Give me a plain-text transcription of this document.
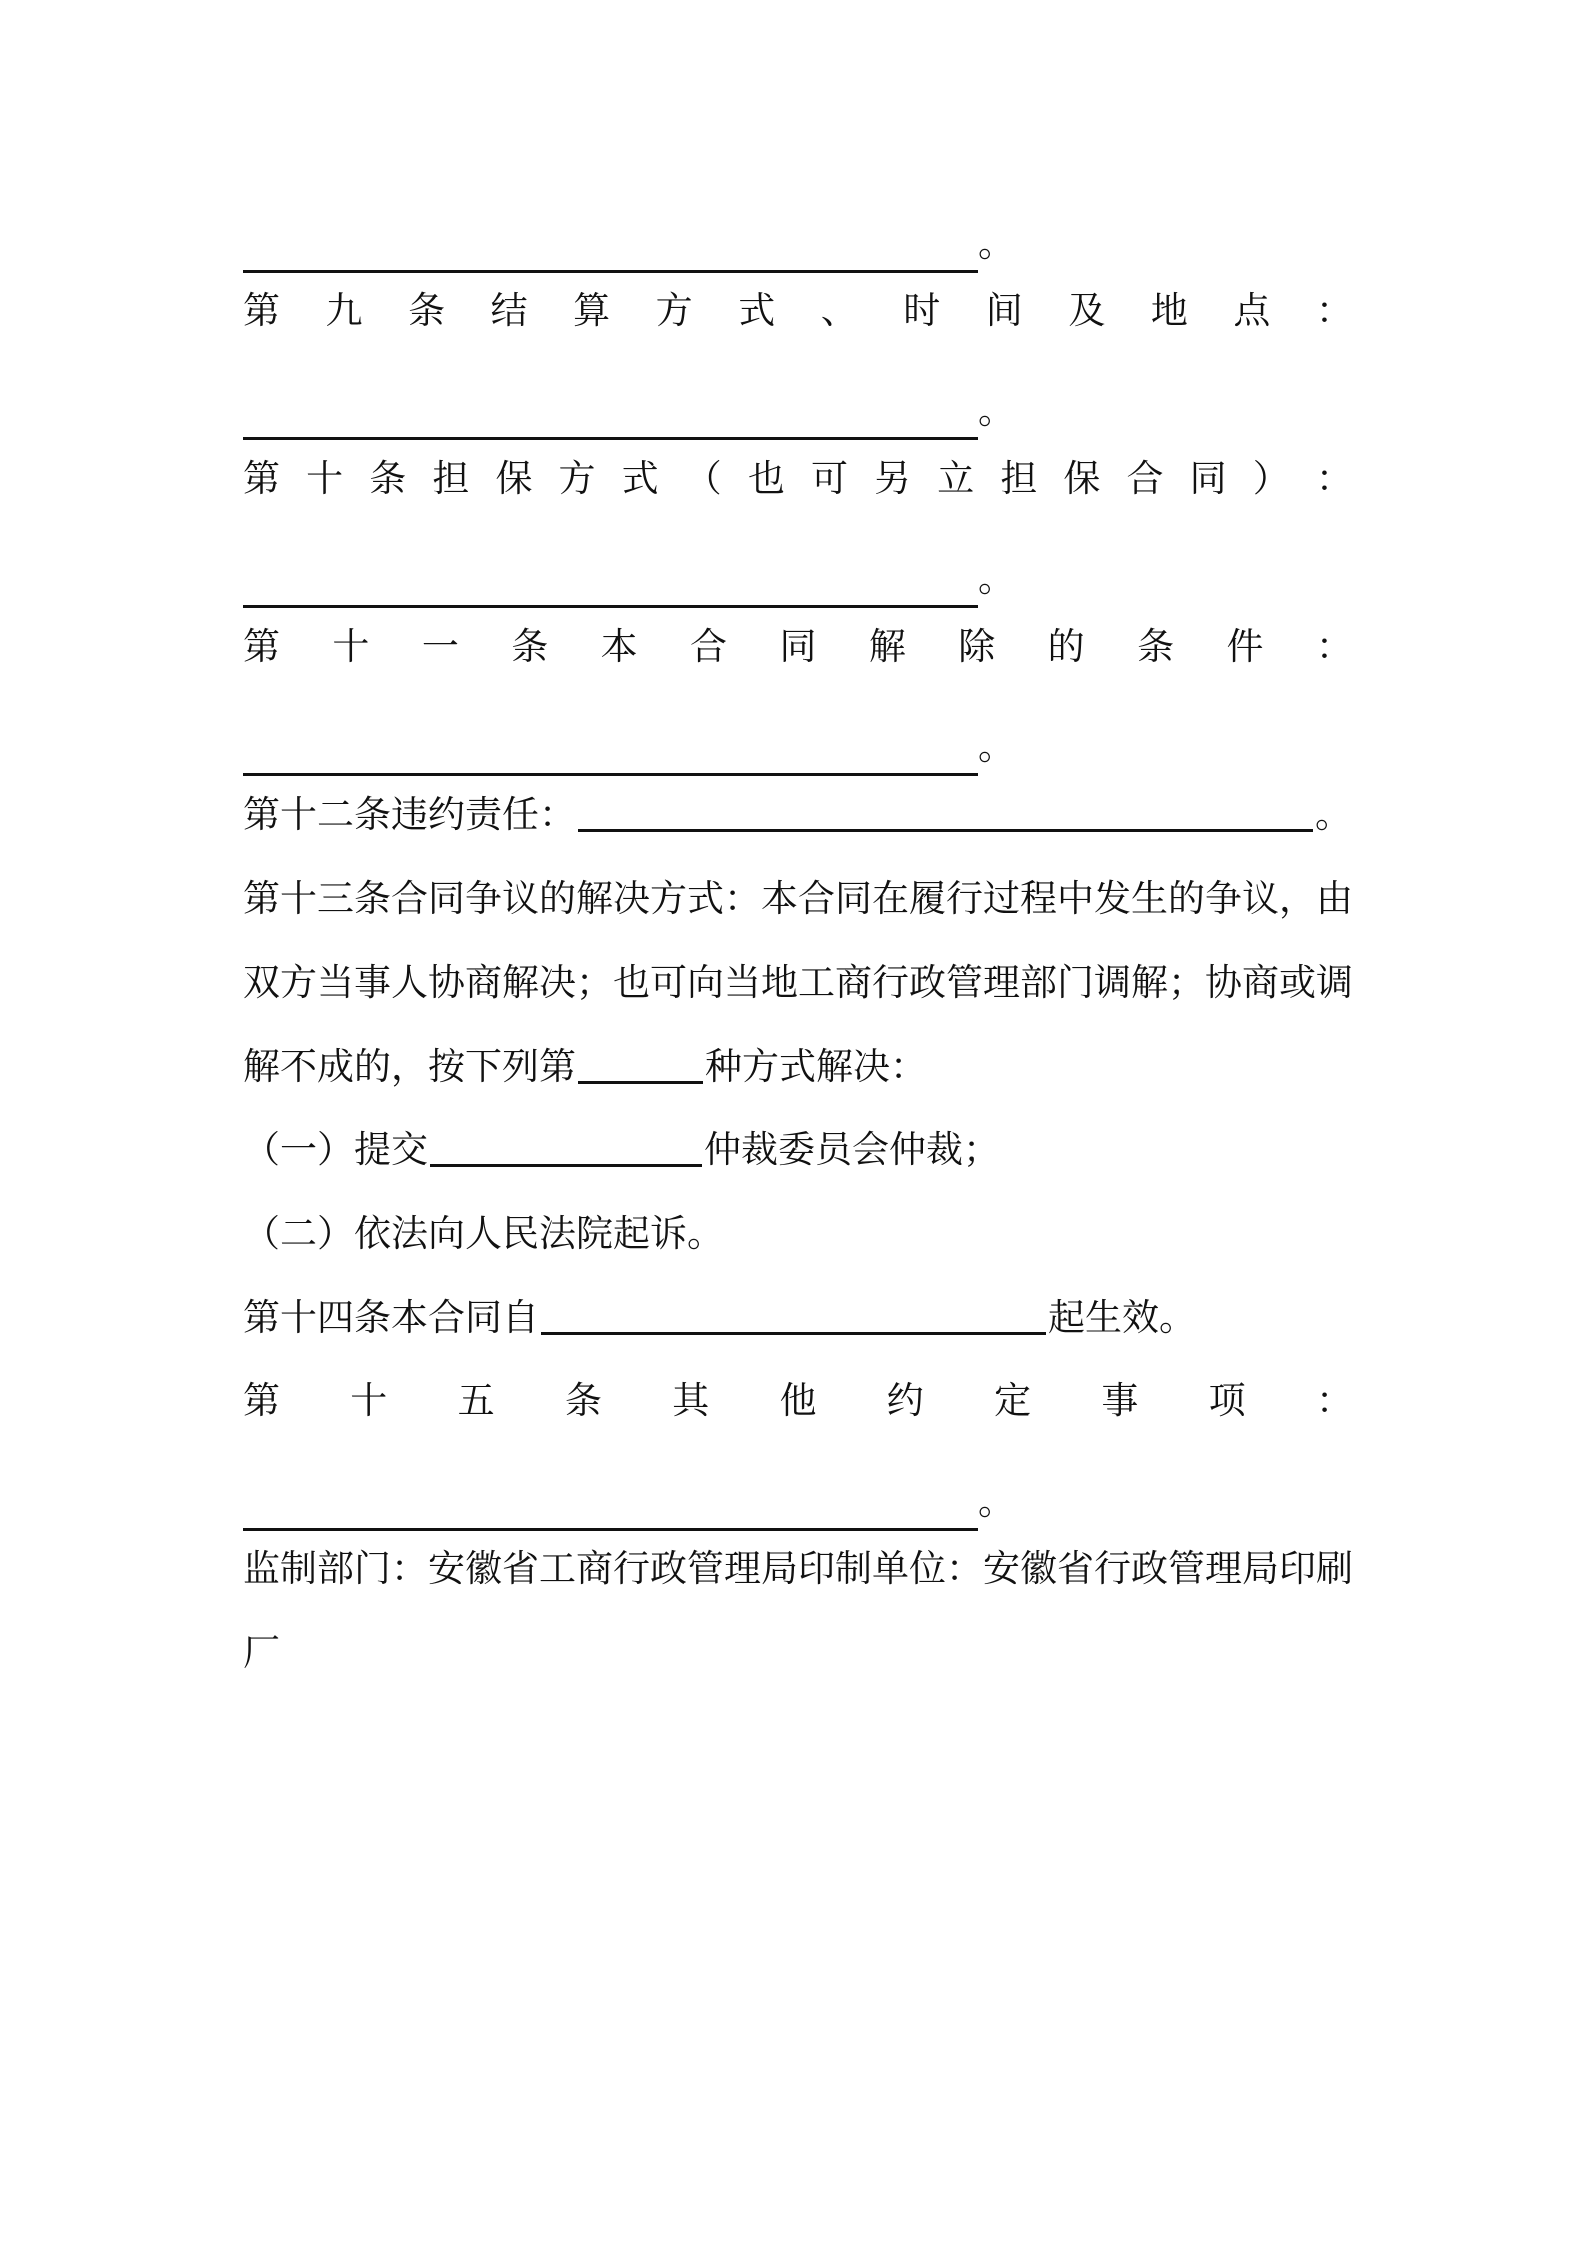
。
第 九 条 结 算 方 式 、 时 间 及 地 点 ：
。
第 十 条 担 保 方 式 （ 也 可 另 立 担 保 合 同 ） ：
。
第 十 一 条 本 合 同 解 除 的 条 件 ：
。
第十二条违约责任：	。
第十三条合同争议的解决方式：本合同在履行过程中发生的争议，由
双方当事人协商解决；也可向当地工商行政管理部门调解；协商或调
解不成的，按下列第	种方式解决：
（一）提交	仲裁委员会仲裁；
（二）依法向人民法院起诉。
第十四条本合同自	起生效。
第 十 五 条 其 他 约 定 事 项 ：
。
监制部门：安徽省工商行政管理局印制单位：安徽省行政管理局印刷
厂
